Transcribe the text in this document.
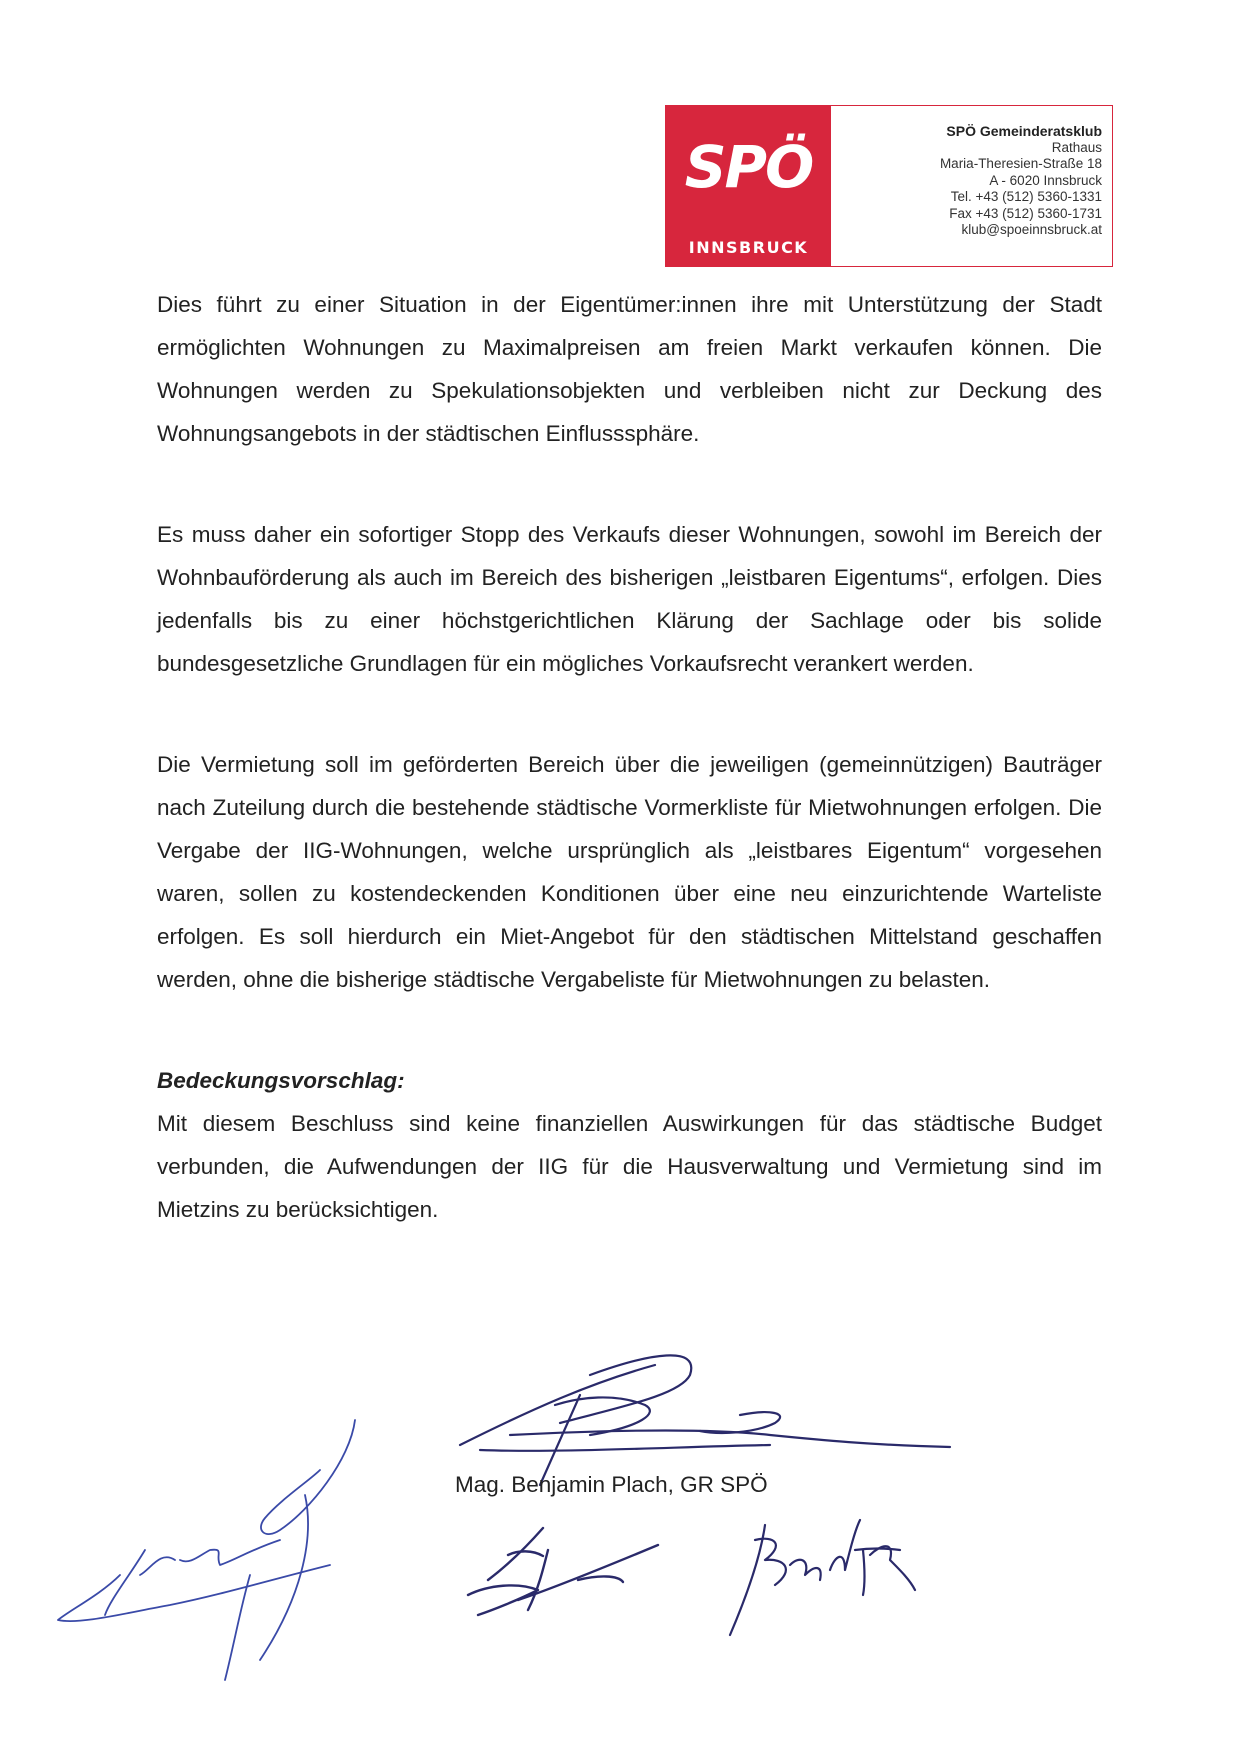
SPÖ
INNSBRUCK
SPÖ Gemeinderatsklub
Rathaus
Maria-Theresien-Straße 18
A - 6020 Innsbruck
Tel. +43 (512) 5360-1331
Fax +43 (512) 5360-1731
klub@spoeinnsbruck.at

Dies führt zu einer Situation in der Eigentümer:innen ihre mit Unterstützung der Stadt ermöglichten Wohnungen zu Maximalpreisen am freien Markt verkaufen können. Die Wohnungen werden zu Spekulationsobjekten und verbleiben nicht zur Deckung des Wohnungsangebots in der städtischen Einflusssphäre.

Es muss daher ein sofortiger Stopp des Verkaufs dieser Wohnungen, sowohl im Bereich der Wohnbauförderung als auch im Bereich des bisherigen „leistbaren Eigentums“, erfolgen. Dies jedenfalls bis zu einer höchstgerichtlichen Klärung der Sachlage oder bis solide bundesgesetzliche Grundlagen für ein mögliches Vorkaufsrecht verankert werden.

Die Vermietung soll im geförderten Bereich über die jeweiligen (gemeinnützigen) Bauträger nach Zuteilung durch die bestehende städtische Vormerkliste für Mietwohnungen erfolgen. Die Vergabe der IIG-Wohnungen, welche ursprünglich als „leistbares Eigentum“ vorgesehen waren, sollen zu kostendeckenden Konditionen über eine neu einzurichtende Warteliste erfolgen. Es soll hierdurch ein Miet-Angebot für den städtischen Mittelstand geschaffen werden, ohne die bisherige städtische Vergabeliste für Mietwohnungen zu belasten.

Bedeckungsvorschlag:

Mit diesem Beschluss sind keine finanziellen Auswirkungen für das städtische Budget verbunden, die Aufwendungen der IIG für die Hausverwaltung und Vermietung sind im Mietzins zu berücksichtigen.

Mag. Benjamin Plach, GR SPÖ
